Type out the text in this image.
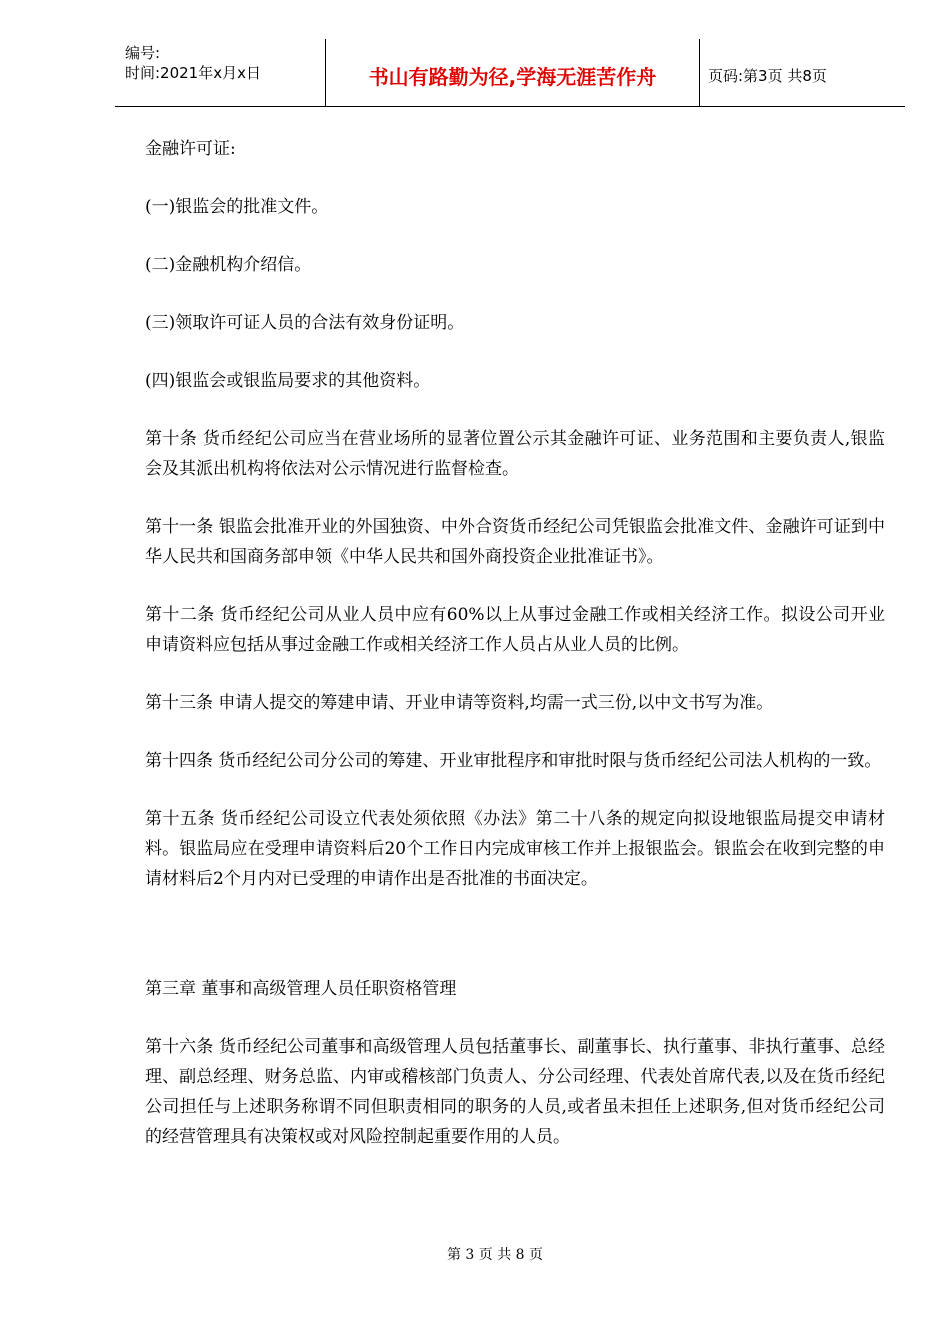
编号:
时间:2021年x月x日	书山有路勤为径,学海无涯苦作舟	页码:第3页 共8页

金融许可证:

(一)银监会的批准文件。

(二)金融机构介绍信。

(三)领取许可证人员的合法有效身份证明。

(四)银监会或银监局要求的其他资料。

第十条 货币经纪公司应当在营业场所的显著位置公示其金融许可证、业务范围和主要负责人,银监会及其派出机构将依法对公示情况进行监督检查。

第十一条 银监会批准开业的外国独资、中外合资货币经纪公司凭银监会批准文件、金融许可证到中华人民共和国商务部申领《中华人民共和国外商投资企业批准证书》。

第十二条 货币经纪公司从业人员中应有60%以上从事过金融工作或相关经济工作。拟设公司开业申请资料应包括从事过金融工作或相关经济工作人员占从业人员的比例。

第十三条 申请人提交的筹建申请、开业申请等资料,均需一式三份,以中文书写为准。

第十四条 货币经纪公司分公司的筹建、开业审批程序和审批时限与货币经纪公司法人机构的一致。

第十五条 货币经纪公司设立代表处须依照《办法》第二十八条的规定向拟设地银监局提交申请材料。银监局应在受理申请资料后20个工作日内完成审核工作并上报银监会。银监会在收到完整的申请材料后2个月内对已受理的申请作出是否批准的书面决定。

第三章 董事和高级管理人员任职资格管理

第十六条 货币经纪公司董事和高级管理人员包括董事长、副董事长、执行董事、非执行董事、总经理、副总经理、财务总监、内审或稽核部门负责人、分公司经理、代表处首席代表,以及在货币经纪公司担任与上述职务称谓不同但职责相同的职务的人员,或者虽未担任上述职务,但对货币经纪公司的经营管理具有决策权或对风险控制起重要作用的人员。

第 3 页 共 8 页
